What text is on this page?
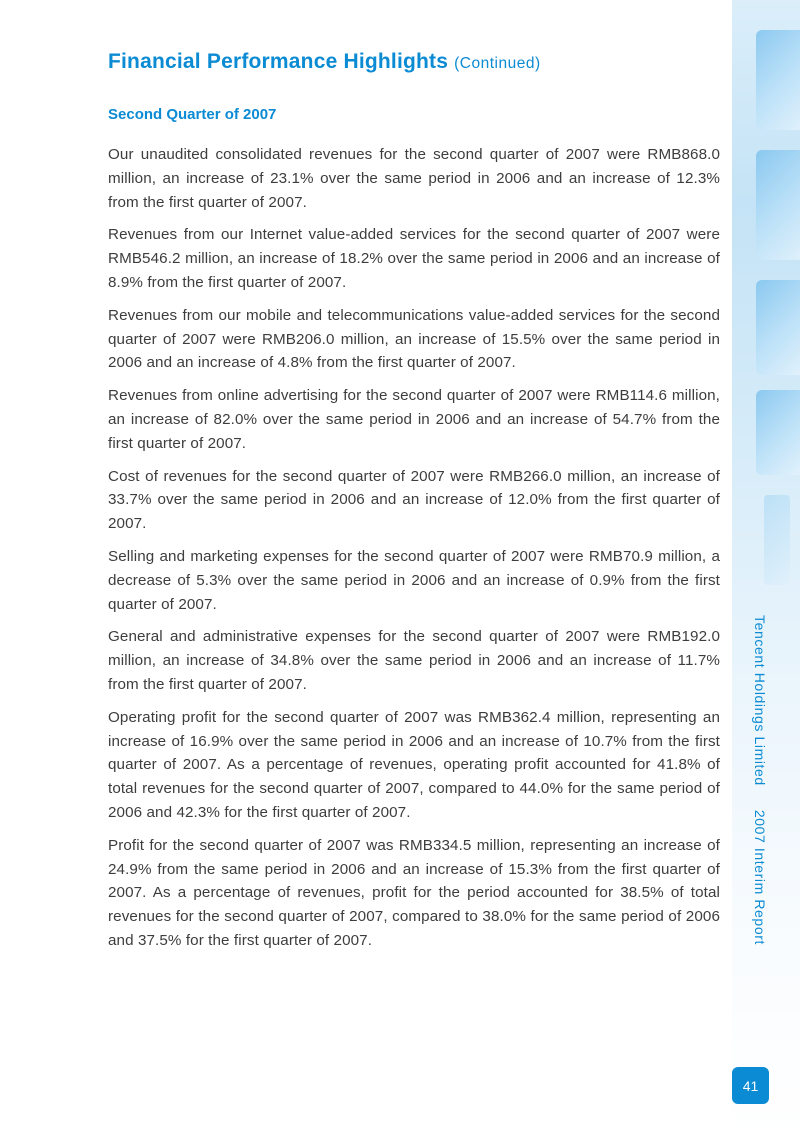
Financial Performance Highlights (Continued)
Second Quarter of 2007

Our unaudited consolidated revenues for the second quarter of 2007 were RMB868.0 million, an increase of 23.1% over the same period in 2006 and an increase of 12.3% from the first quarter of 2007.

Revenues from our Internet value-added services for the second quarter of 2007 were RMB546.2 million, an increase of 18.2% over the same period in 2006 and an increase of 8.9% from the first quarter of 2007.

Revenues from our mobile and telecommunications value-added services for the second quarter of 2007 were RMB206.0 million, an increase of 15.5% over the same period in 2006 and an increase of 4.8% from the first quarter of 2007.

Revenues from online advertising for the second quarter of 2007 were RMB114.6 million, an increase of 82.0% over the same period in 2006 and an increase of 54.7% from the first quarter of 2007.

Cost of revenues for the second quarter of 2007 were RMB266.0 million, an increase of 33.7% over the same period in 2006 and an increase of 12.0% from the first quarter of 2007.

Selling and marketing expenses for the second quarter of 2007 were RMB70.9 million, a decrease of 5.3% over the same period in 2006 and an increase of 0.9% from the first quarter of 2007.

General and administrative expenses for the second quarter of 2007 were RMB192.0 million, an increase of 34.8% over the same period in 2006 and an increase of 11.7% from the first quarter of 2007.

Operating profit for the second quarter of 2007 was RMB362.4 million, representing an increase of 16.9% over the same period in 2006 and an increase of 10.7% from the first quarter of 2007. As a percentage of revenues, operating profit accounted for 41.8% of total revenues for the second quarter of 2007, compared to 44.0% for the same period of 2006 and 42.3% for the first quarter of 2007.

Profit for the second quarter of 2007 was RMB334.5 million, representing an increase of 24.9% from the same period in 2006 and an increase of 15.3% from the first quarter of 2007. As a percentage of revenues, profit for the period accounted for 38.5% of total revenues for the second quarter of 2007, compared to 38.0% for the same period of 2006 and 37.5% for the first quarter of 2007.

Tencent Holdings Limited2007 Interim Report
41
